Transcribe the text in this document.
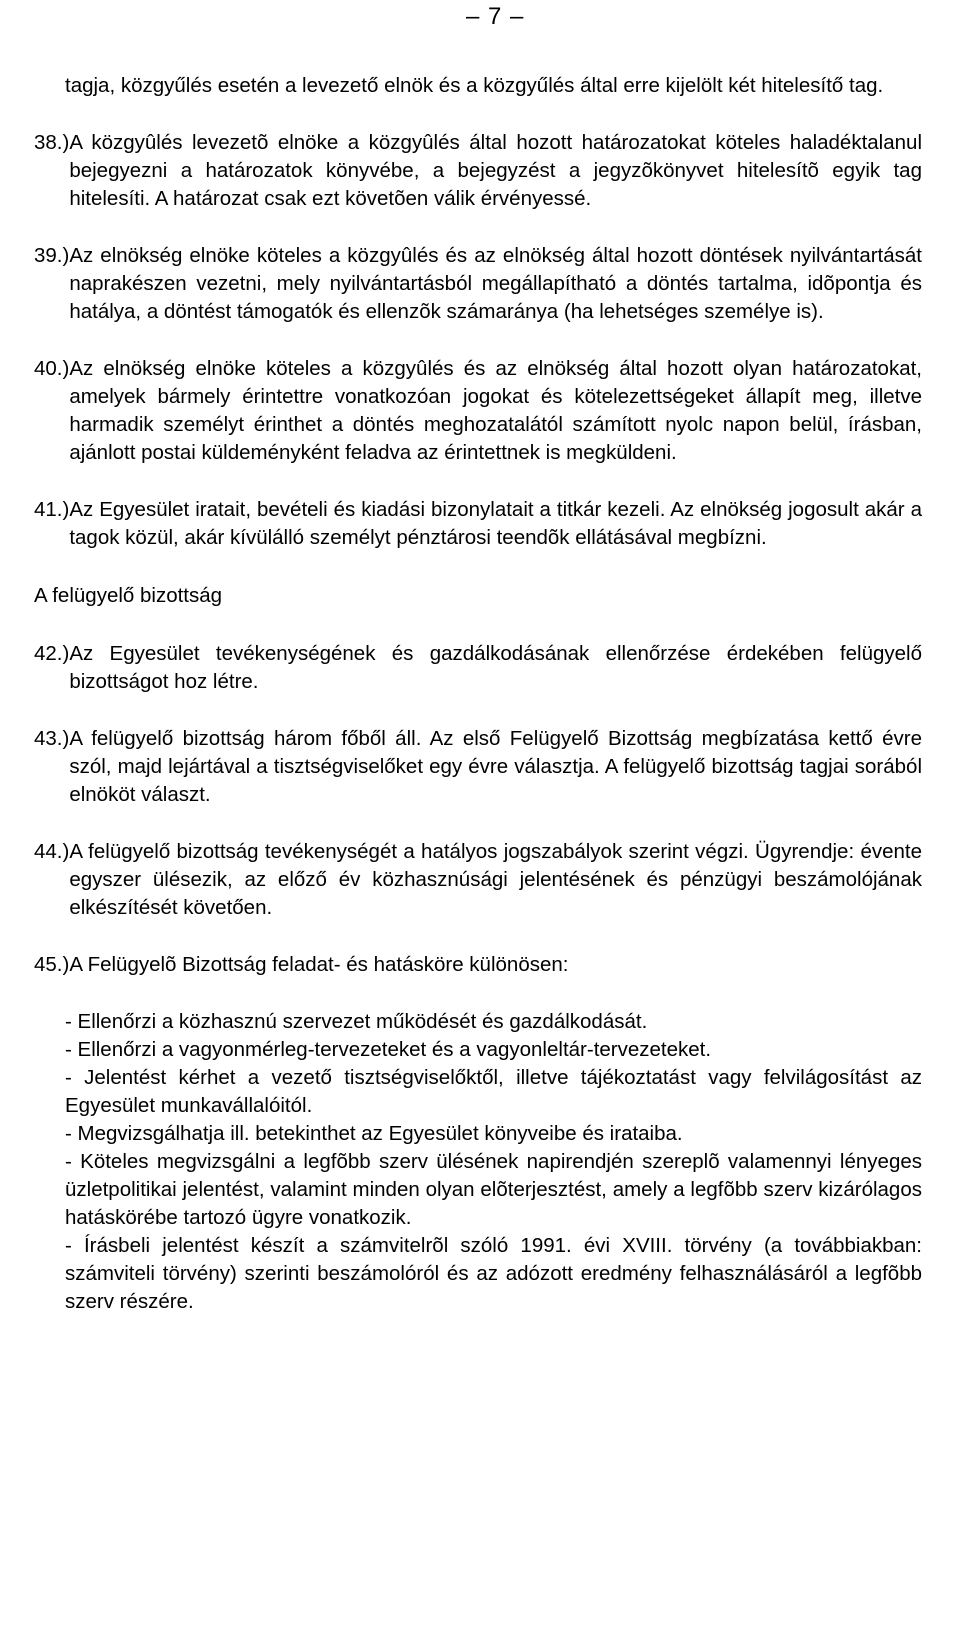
– 7 –

tagja, közgyűlés esetén a levezető elnök és a közgyűlés által erre kijelölt két hitelesítő tag.

38.) A közgyûlés levezetõ elnöke a közgyûlés által hozott határozatokat köteles haladéktalanul bejegyezni a határozatok könyvébe, a bejegyzést a jegyzõkönyvet hitelesítõ egyik tag hitelesíti. A határozat csak ezt követõen válik érvényessé.
39.) Az elnökség elnöke köteles a közgyûlés és az elnökség által hozott döntések nyilvántartását naprakészen vezetni, mely nyilvántartásból megállapítható a döntés tartalma, idõpontja és hatálya, a döntést támogatók és ellenzõk számaránya (ha lehetséges személye is).
40.) Az elnökség elnöke köteles a közgyûlés és az elnökség által hozott olyan határozatokat, amelyek bármely érintettre vonatkozóan jogokat és kötelezettségeket állapít meg, illetve harmadik személyt érinthet a döntés meghozatalától számított nyolc napon belül, írásban, ajánlott postai küldeményként feladva az érintettnek is megküldeni.
41.) Az Egyesület iratait, bevételi és kiadási bizonylatait a titkár kezeli. Az elnökség jogosult akár a tagok közül, akár kívülálló személyt pénztárosi teendõk ellátásával megbízni.

A felügyelő bizottság

42.) Az Egyesület tevékenységének és gazdálkodásának ellenőrzése érdekében felügyelő bizottságot hoz létre.
43.) A felügyelő bizottság három főből áll. Az első Felügyelő Bizottság megbízatása kettő évre szól, majd lejártával a tisztségviselőket egy évre választja. A felügyelő bizottság tagjai sorából elnököt választ.
44.) A felügyelő bizottság tevékenységét a hatályos jogszabályok szerint végzi. Ügyrendje: évente egyszer ülésezik, az előző év közhasznúsági jelentésének és pénzügyi beszámolójának elkészítését követően.
45.) A Felügyelõ Bizottság feladat- és hatásköre különösen:

- Ellenőrzi a közhasznú szervezet működését és gazdálkodását.

- Ellenőrzi a vagyonmérleg-tervezeteket és a vagyonleltár-tervezeteket.

- Jelentést kérhet a vezető tisztségviselőktől, illetve tájékoztatást vagy felvilágosítást az Egyesület munkavállalóitól.

- Megvizsgálhatja ill. betekinthet az Egyesület könyveibe és irataiba.

- Köteles megvizsgálni a legfõbb szerv ülésének napirendjén szereplõ valamennyi lényeges üzletpolitikai jelentést, valamint minden olyan elõterjesztést, amely a legfõbb szerv kizárólagos hatáskörébe tartozó ügyre vonatkozik.

- Írásbeli jelentést készít a számvitelrõl szóló 1991. évi XVIII. törvény (a továbbiakban: számviteli törvény) szerinti beszámolóról és az adózott eredmény felhasználásáról a legfõbb szerv részére.
